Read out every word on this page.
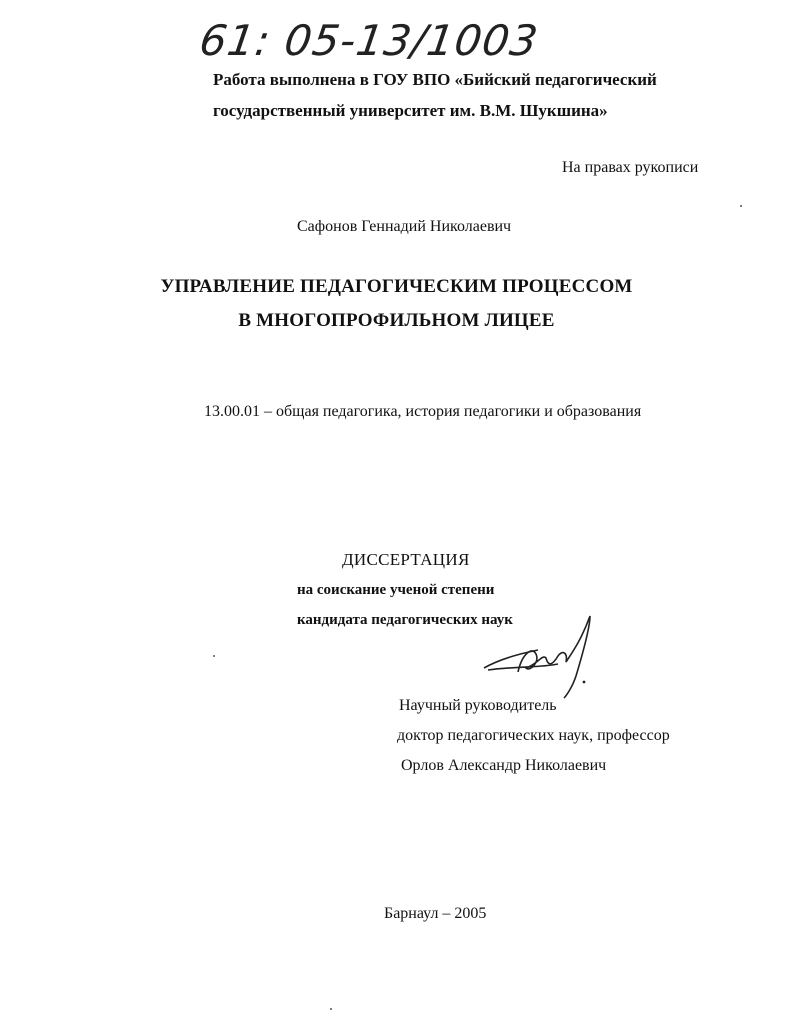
61: 05-13/1003
Работа выполнена в ГОУ ВПО «Бийский педагогический
государственный университет им. В.М. Шукшина»
На правах рукописи
Сафонов Геннадий Николаевич
УПРАВЛЕНИЕ ПЕДАГОГИЧЕСКИМ ПРОЦЕССОМ
В МНОГОПРОФИЛЬНОМ ЛИЦЕЕ
13.00.01 – общая педагогика, история педагогики и образования
ДИССЕРТАЦИЯ
на соискание ученой степени
кандидата педагогических наук
Научный руководитель
доктор педагогических наук, профессор
Орлов Александр Николаевич
Барнаул – 2005
